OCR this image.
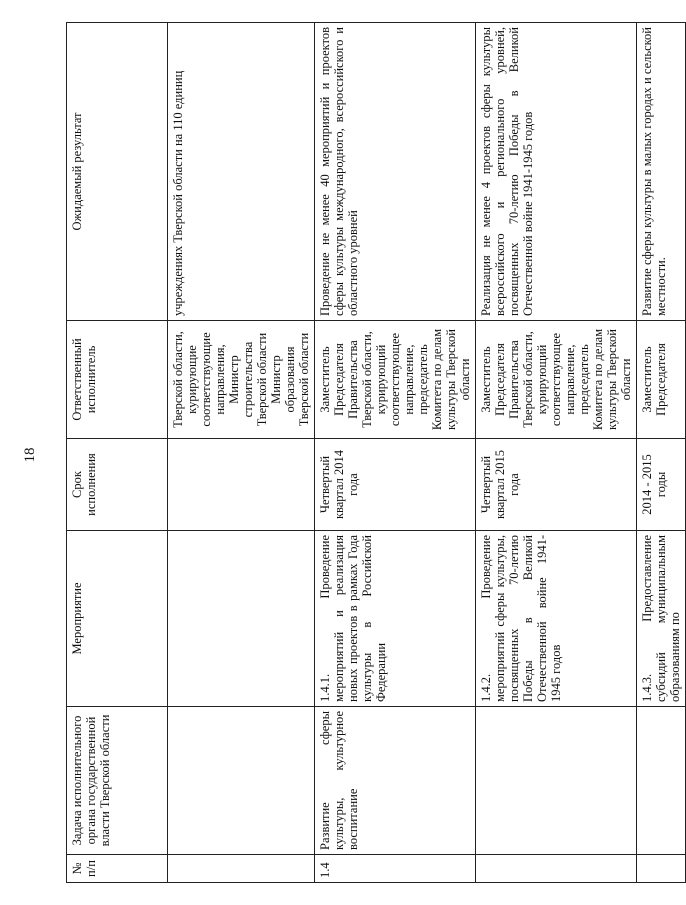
18
№ п/п	Задача исполнительного органа государственной власти Тверской области	Мероприятие	Срок исполнения	Ответственный исполнитель	Ожидаемый результат
				Тверской области, курирующие соответствующие направления, Министр строительства Тверской области Министр образования Тверской области	учреждениях Тверской области на 110 единиц
1.4	Развитие сферы культуры, культурное воспитание	1.4.1. Проведение мероприятий и реализация новых проектов в рамках Года культуры в Российской Федерации	Четвертый квартал 2014 года	Заместитель Председателя Правительства Тверской области, курирующий соответствующее направление, председатель Комитета по делам культуры Тверской области	Проведение не менее 40 мероприятий и проектов сферы культуры международного, всероссийского и областного уровней
		1.4.2. Проведение мероприятий сферы культуры, посвященных 70-летию Победы в Великой Отечественной войне 1941-1945 годов	Четвертый квартал 2015 года	Заместитель Председателя Правительства Тверской области, курирующий соответствующее направление, председатель Комитета по делам культуры Тверской области	Реализация не менее 4 проектов сферы культуры всероссийского и регионального уровней, посвященных 70-летию Победы в Великой Отечественной войне 1941-1945 годов
		1.4.3. Предоставление субсидий муниципальным образованиям по	2014 - 2015 годы	Заместитель Председателя	Развитие сферы культуры в малых городах и сельской местности.
